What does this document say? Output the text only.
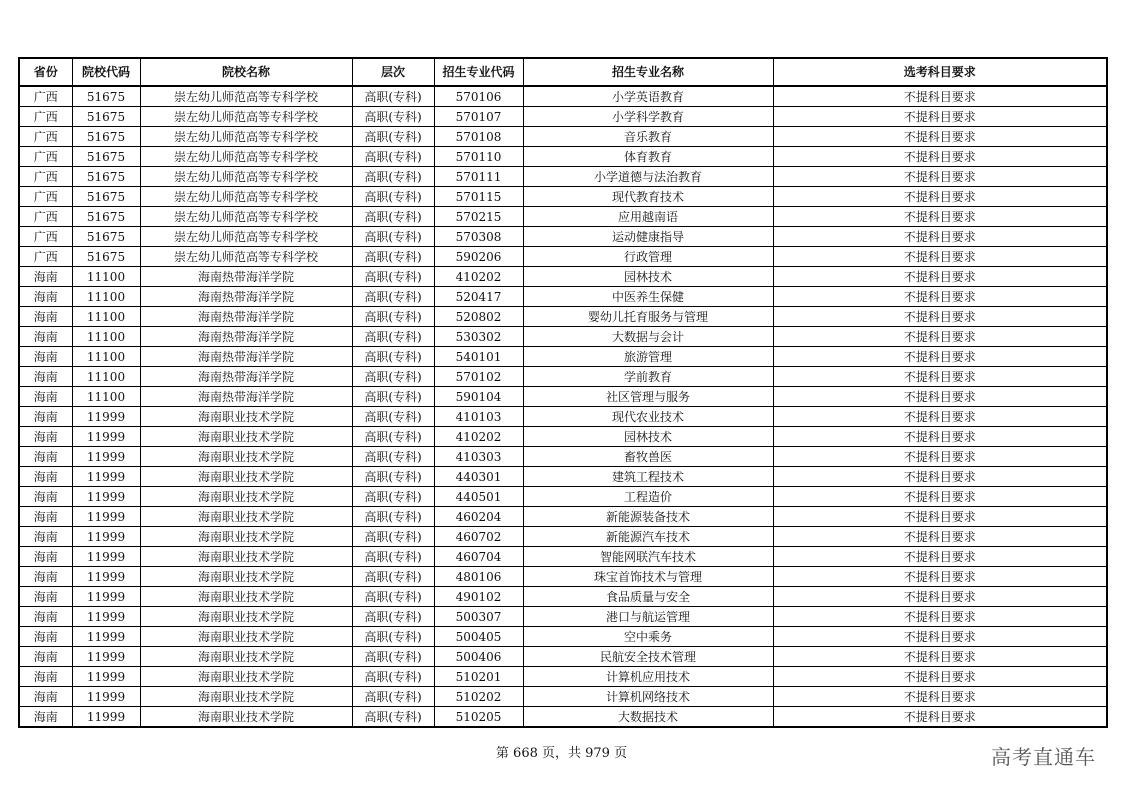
省份	院校代码	院校名称	层次	招生专业代码	招生专业名称	选考科目要求
广西	51675	崇左幼儿师范高等专科学校	高职(专科)	570106	小学英语教育	不提科目要求
广西	51675	崇左幼儿师范高等专科学校	高职(专科)	570107	小学科学教育	不提科目要求
广西	51675	崇左幼儿师范高等专科学校	高职(专科)	570108	音乐教育	不提科目要求
广西	51675	崇左幼儿师范高等专科学校	高职(专科)	570110	体育教育	不提科目要求
广西	51675	崇左幼儿师范高等专科学校	高职(专科)	570111	小学道德与法治教育	不提科目要求
广西	51675	崇左幼儿师范高等专科学校	高职(专科)	570115	现代教育技术	不提科目要求
广西	51675	崇左幼儿师范高等专科学校	高职(专科)	570215	应用越南语	不提科目要求
广西	51675	崇左幼儿师范高等专科学校	高职(专科)	570308	运动健康指导	不提科目要求
广西	51675	崇左幼儿师范高等专科学校	高职(专科)	590206	行政管理	不提科目要求
海南	11100	海南热带海洋学院	高职(专科)	410202	园林技术	不提科目要求
海南	11100	海南热带海洋学院	高职(专科)	520417	中医养生保健	不提科目要求
海南	11100	海南热带海洋学院	高职(专科)	520802	婴幼儿托育服务与管理	不提科目要求
海南	11100	海南热带海洋学院	高职(专科)	530302	大数据与会计	不提科目要求
海南	11100	海南热带海洋学院	高职(专科)	540101	旅游管理	不提科目要求
海南	11100	海南热带海洋学院	高职(专科)	570102	学前教育	不提科目要求
海南	11100	海南热带海洋学院	高职(专科)	590104	社区管理与服务	不提科目要求
海南	11999	海南职业技术学院	高职(专科)	410103	现代农业技术	不提科目要求
海南	11999	海南职业技术学院	高职(专科)	410202	园林技术	不提科目要求
海南	11999	海南职业技术学院	高职(专科)	410303	畜牧兽医	不提科目要求
海南	11999	海南职业技术学院	高职(专科)	440301	建筑工程技术	不提科目要求
海南	11999	海南职业技术学院	高职(专科)	440501	工程造价	不提科目要求
海南	11999	海南职业技术学院	高职(专科)	460204	新能源装备技术	不提科目要求
海南	11999	海南职业技术学院	高职(专科)	460702	新能源汽车技术	不提科目要求
海南	11999	海南职业技术学院	高职(专科)	460704	智能网联汽车技术	不提科目要求
海南	11999	海南职业技术学院	高职(专科)	480106	珠宝首饰技术与管理	不提科目要求
海南	11999	海南职业技术学院	高职(专科)	490102	食品质量与安全	不提科目要求
海南	11999	海南职业技术学院	高职(专科)	500307	港口与航运管理	不提科目要求
海南	11999	海南职业技术学院	高职(专科)	500405	空中乘务	不提科目要求
海南	11999	海南职业技术学院	高职(专科)	500406	民航安全技术管理	不提科目要求
海南	11999	海南职业技术学院	高职(专科)	510201	计算机应用技术	不提科目要求
海南	11999	海南职业技术学院	高职(专科)	510202	计算机网络技术	不提科目要求
海南	11999	海南职业技术学院	高职(专科)	510205	大数据技术	不提科目要求
第 668 页，共 979 页	高考直通车
